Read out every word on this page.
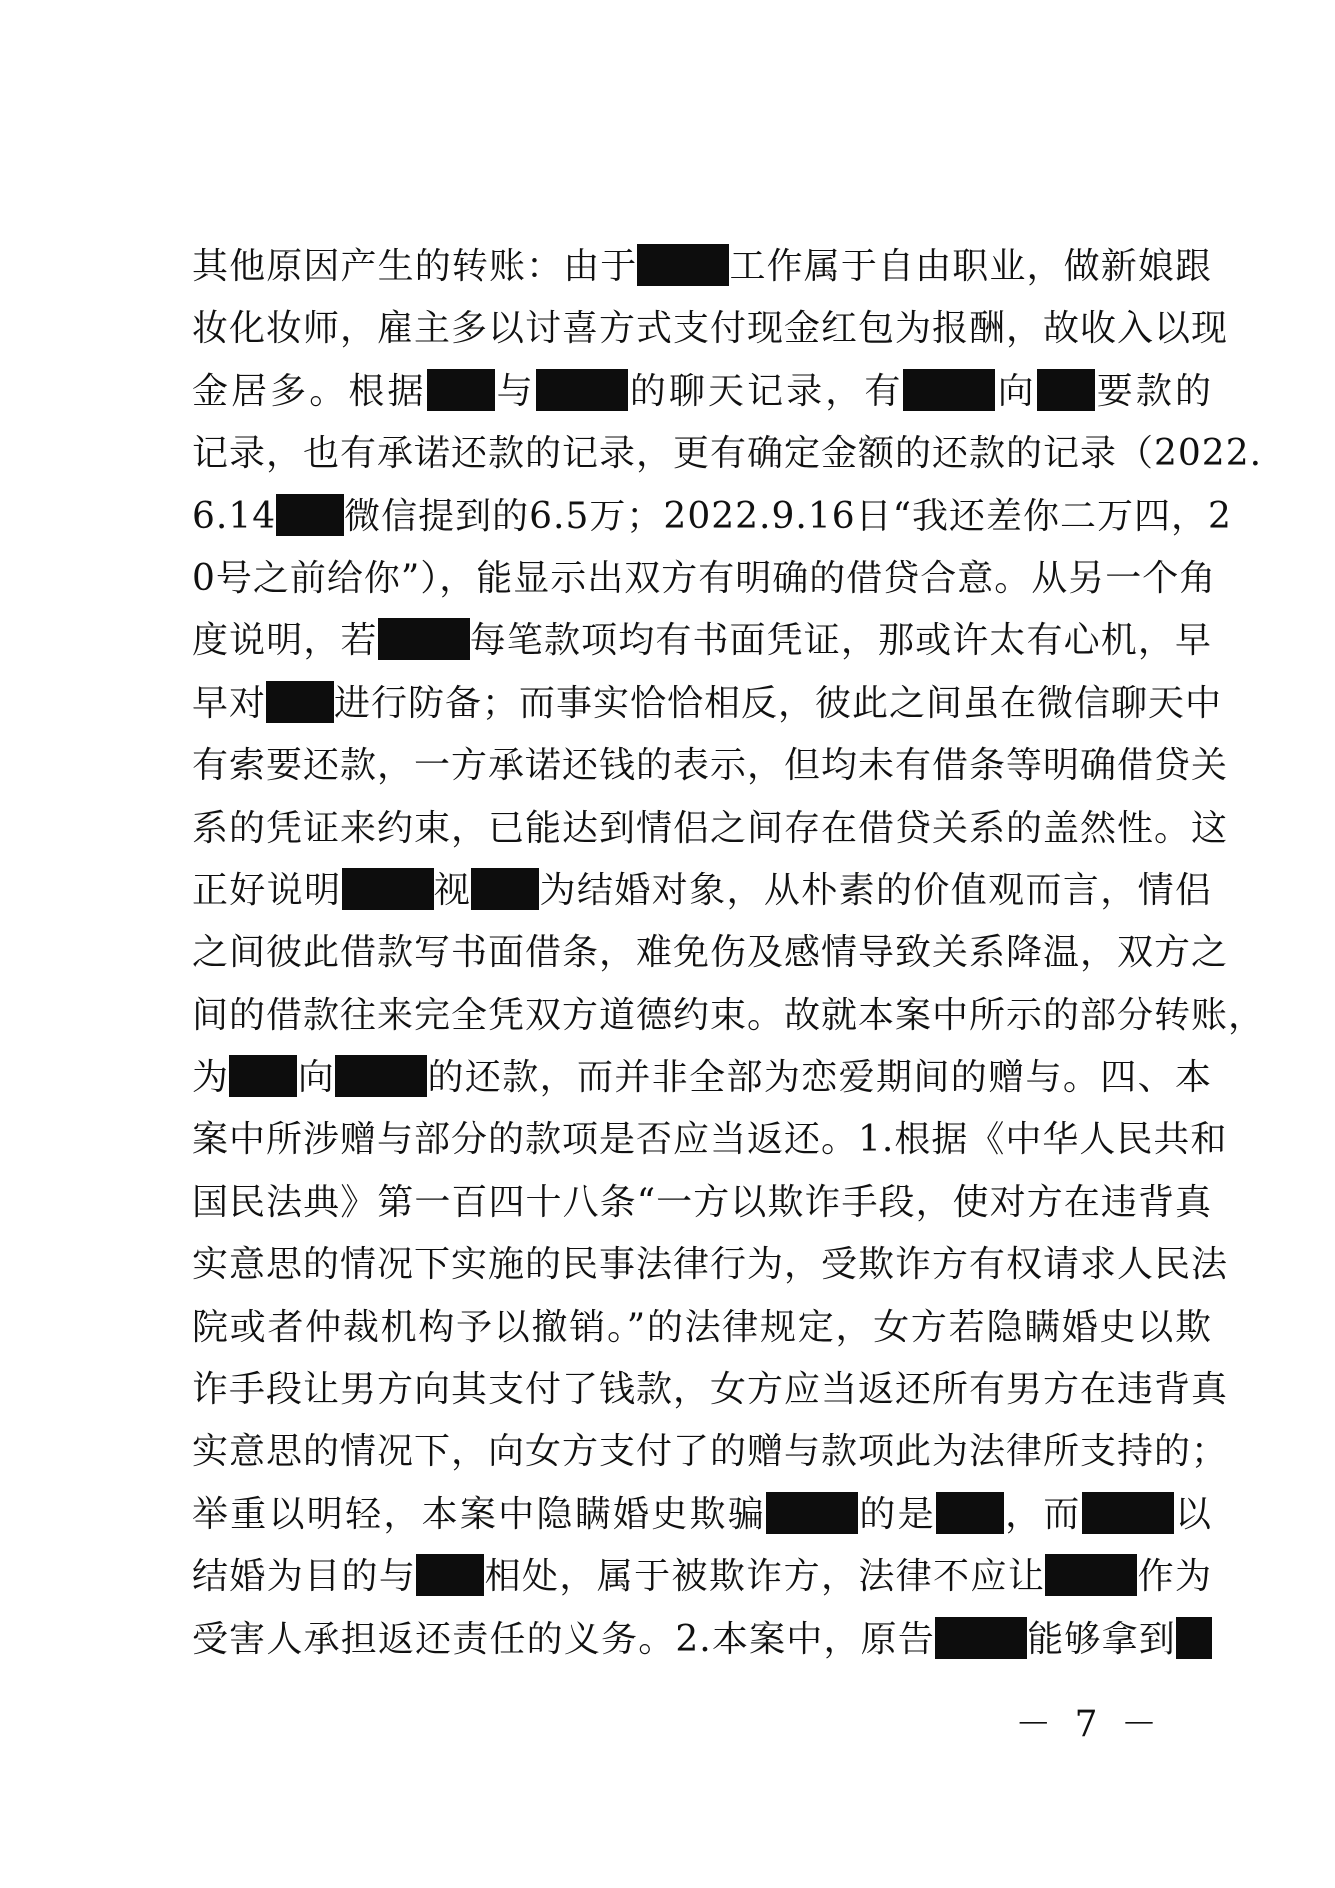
其他原因产生的转账：由于	工作属于自由职业，做新娘跟
妆化妆师，雇主多以讨喜方式支付现金红包为报酬，故收入以现
金居多。根据 与	的聊天记录，有	向 要款的
记录，也有承诺还款的记录，更有确定金额的还款的记录（2022.
6.14 微信提到的6.5万；2022.9.16日“我还差你二万四，2
0号之前给你”），能显示出双方有明确的借贷合意。从另一个角
度说明，若	每笔款项均有书面凭证，那或许太有心机，早
早对 进行防备；而事实恰恰相反，彼此之间虽在微信聊天中
有索要还款，一方承诺还钱的表示，但均未有借条等明确借贷关
系的凭证来约束，已能达到情侣之间存在借贷关系的盖然性。这
正好说明	视 为结婚对象，从朴素的价值观而言，情侣
之间彼此借款写书面借条，难免伤及感情导致关系降温，双方之
间的借款往来完全凭双方道德约束。故就本案中所示的部分转账，
为 向	的还款，而并非全部为恋爱期间的赠与。四、本
案中所涉赠与部分的款项是否应当返还。1.根据《中华人民共和
国民法典》第一百四十八条“一方以欺诈手段，使对方在违背真
实意思的情况下实施的民事法律行为，受欺诈方有权请求人民法
院或者仲裁机构予以撤销。”的法律规定，女方若隐瞒婚史以欺
诈手段让男方向其支付了钱款，女方应当返还所有男方在违背真
实意思的情况下，向女方支付了的赠与款项此为法律所支持的；
举重以明轻，本案中隐瞒婚史欺骗	的是 ，而	以
结婚为目的与 相处，属于被欺诈方，法律不应让	作为
受害人承担返还责任的义务。2.本案中，原告	能够拿到
－ 7 －
